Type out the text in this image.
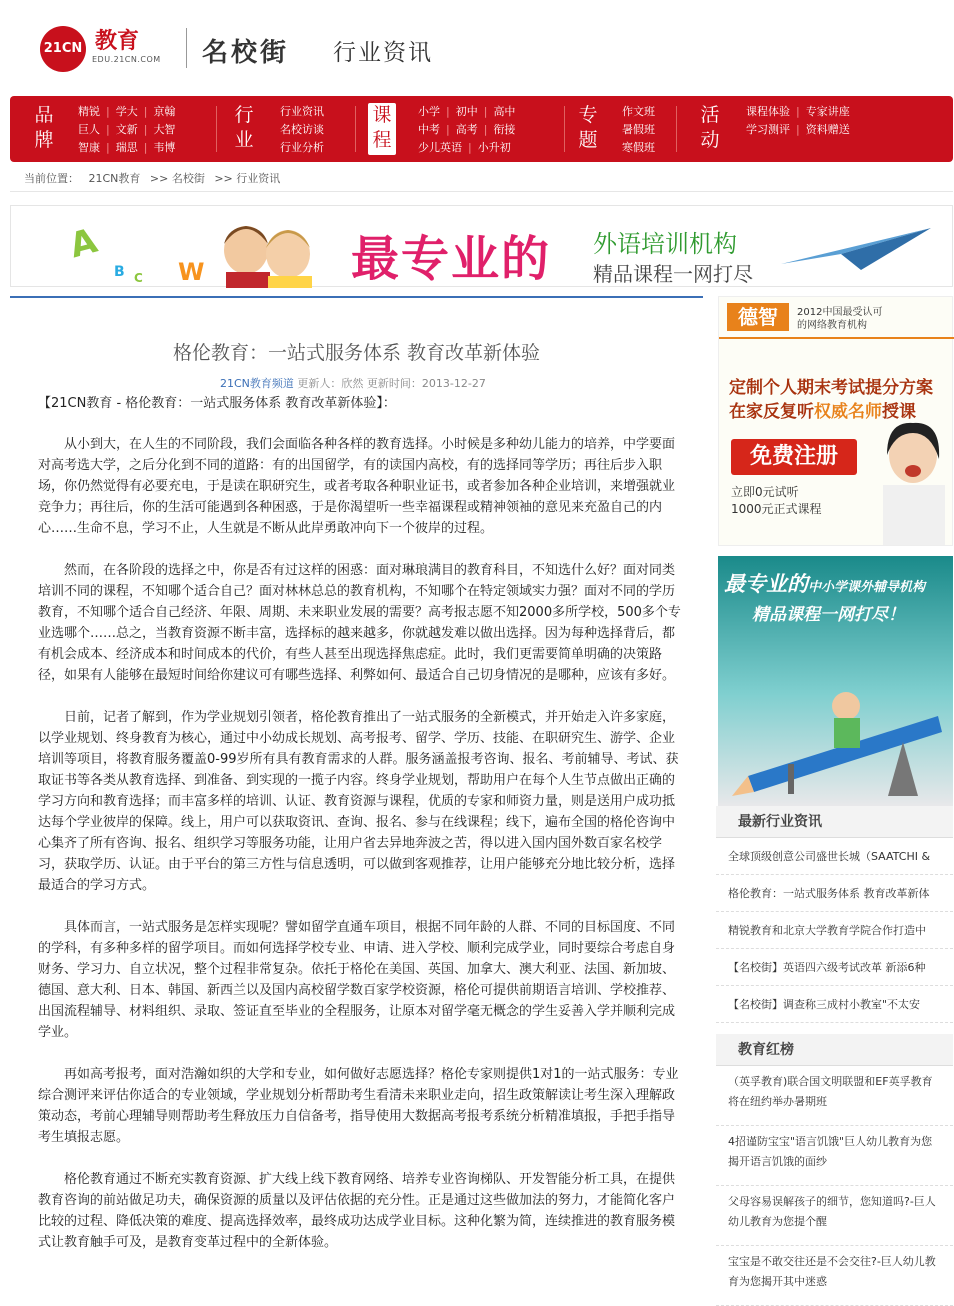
21CN 教育
EDU.21CN.COM 名校街 行业资讯
品
牌
精锐 | 学大 | 京翰
巨人 | 文新 | 大智
智康 | 瑞思 | 韦博
行
业
行业资讯
名校访谈
行业分析
课
程
小学 | 初中 | 高中
中考 | 高考 | 衔接
少儿英语 | 小升初
专
题
作文班
暑假班
寒假班
活
动
课程体验 | 专家讲座
学习测评 | 资料赠送
当前位置： 21CN教育 >> 名校街 >> 行业资讯
A
B C W	最专业的 外语培训机构
精品课程一网打尽
格伦教育：一站式服务体系 教育改革新体验
21CN教育频道 更新人：欣然 更新时间：2013-12-27
【21CN教育 - 格伦教育：一站式服务体系 教育改革新体验】：

从小到大，在人生的不同阶段，我们会面临各种各样的教育选择。小时候是多种幼儿能力的培养，中学要面对高考选大学，之后分化到不同的道路：有的出国留学，有的读国内高校，有的选择同等学历；再往后步入职场，你仍然觉得有必要充电，于是读在职研究生，或者考取各种职业证书，或者参加各种企业培训，来增强就业竞争力；再往后，你的生活可能遇到各种困惑，于是你渴望听一些幸福课程或精神领袖的意见来充盈自己的内心……生命不息，学习不止，人生就是不断从此岸勇敢冲向下一个彼岸的过程。

然而，在各阶段的选择之中，你是否有过这样的困惑：面对琳琅满目的教育科目，不知选什么好？面对同类培训不同的课程，不知哪个适合自己？面对林林总总的教育机构，不知哪个在特定领域实力强？面对不同的学历教育，不知哪个适合自己经济、年限、周期、未来职业发展的需要？高考报志愿不知2000多所学校，500多个专业选哪个……总之，当教育资源不断丰富，选择标的越来越多，你就越发难以做出选择。因为每种选择背后，都有机会成本、经济成本和时间成本的代价，有些人甚至出现选择焦虑症。此时，我们更需要简单明确的决策路径，如果有人能够在最短时间给你建议可有哪些选择、利弊如何、最适合自己切身情况的是哪种，应该有多好。

日前，记者了解到，作为学业规划引领者，格伦教育推出了一站式服务的全新模式，并开始走入许多家庭，以学业规划、终身教育为核心，通过中小幼成长规划、高考报考、留学、学历、技能、在职研究生、游学、企业培训等项目，将教育服务覆盖0-99岁所有具有教育需求的人群。服务涵盖报考咨询、报名、考前辅导、考试、获取证书等各类从教育选择、到准备、到实现的一揽子内容。终身学业规划，帮助用户在每个人生节点做出正确的学习方向和教育选择；而丰富多样的培训、认证、教育资源与课程，优质的专家和师资力量，则是送用户成功抵达每个学业彼岸的保障。线上，用户可以获取资讯、查询、报名、参与在线课程；线下，遍布全国的格伦咨询中心集齐了所有咨询、报名、组织学习等服务功能，让用户省去异地奔波之苦，得以进入国内国外数百家名校学习，获取学历、认证。由于平台的第三方性与信息透明，可以做到客观推荐，让用户能够充分地比较分析，选择最适合的学习方式。

具体而言，一站式服务是怎样实现呢？譬如留学直通车项目，根据不同年龄的人群、不同的目标国度、不同的学科，有多种多样的留学项目。而如何选择学校专业、申请、进入学校、顺利完成学业，同时要综合考虑自身财务、学习力、自立状况，整个过程非常复杂。依托于格伦在美国、英国、加拿大、澳大利亚、法国、新加坡、德国、意大利、日本、韩国、新西兰以及国内高校留学数百家学校资源，格伦可提供前期语言培训、学校推荐、出国流程辅导、材料组织、录取、签证直至毕业的全程服务，让原本对留学毫无概念的学生妥善入学并顺利完成学业。

再如高考报考，面对浩瀚如织的大学和专业，如何做好志愿选择？格伦专家则提供1对1的一站式服务：专业综合测评来评估你适合的专业领域，学业规划分析帮助考生看清未来职业走向，招生政策解读让考生深入理解政策动态，考前心理辅导则帮助考生释放压力自信备考，指导使用大数据高考报考系统分析精准填报，手把手指导考生填报志愿。

格伦教育通过不断充实教育资源、扩大线上线下教育网络、培养专业咨询梯队、开发智能分析工具，在提供教育咨询的前站做足功夫，确保资源的质量以及评估依据的充分性。正是通过这些做加法的努力，才能简化客户比较的过程、降低决策的难度、提高选择效率，最终成功达成学业目标。这种化繁为简，连续推进的教育服务模式让教育触手可及，是教育变革过程中的全新体验。

德智	2012中国最受认可
的网络教育机构
定制个人期末考试提分方案
在家反复听权威名师授课
免费注册
立即0元试听
1000元正式课程
最专业的中小学课外辅导机构
精品课程一网打尽！
最新行业资讯
全球顶级创意公司盛世长城（SAATCHI &
格伦教育：一站式服务体系 教育改革新体
精锐教育和北京大学教育学院合作打造中
【名校街】英语四六级考试改革 新添6种
【名校街】调查称三成村小教室"不太安
教育红榜
（英孚教育)联合国文明联盟和EF英孚教育
将在纽约举办暑期班
4招谨防宝宝"语言饥饿"巨人幼儿教育为您
揭开语言饥饿的面纱
父母容易误解孩子的细节，您知道吗?-巨人
幼儿教育为您提个醒
宝宝是不敢交往还是不会交往?-巨人幼儿教
育为您揭开其中迷惑
